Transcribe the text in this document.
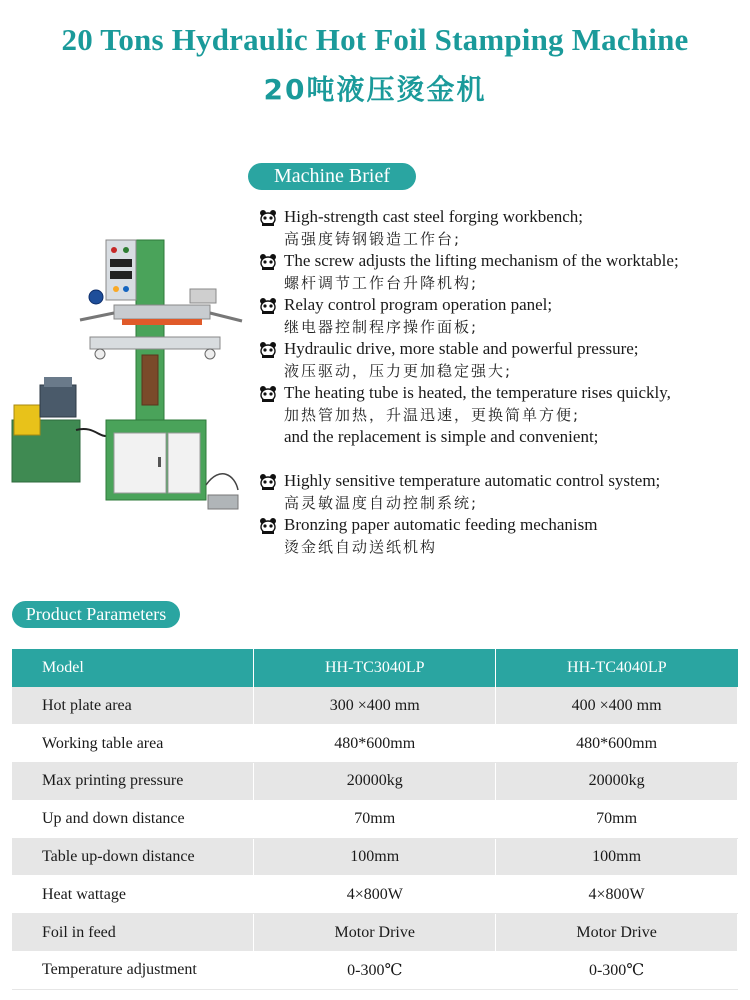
20 Tons Hydraulic Hot Foil Stamping Machine
20吨液压烫金机
Machine Brief
High-strength cast steel forging workbench;
高强度铸钢锻造工作台;
The screw adjusts the lifting mechanism of the worktable;
螺杆调节工作台升降机构;
Relay control program operation panel;
继电器控制程序操作面板;
Hydraulic drive, more stable and powerful pressure;
液压驱动，压力更加稳定强大;
The heating tube is heated, the temperature rises quickly,
加热管加热，升温迅速，更换简单方便;
and the replacement is simple and convenient;
Highly sensitive temperature automatic control system;
高灵敏温度自动控制系统;
Bronzing paper automatic feeding mechanism
烫金纸自动送纸机构
Product Parameters
Model	HH-TC3040LP	HH-TC4040LP
Hot plate area	300 ×400 mm	400 ×400 mm
Working table area	480*600mm	480*600mm
Max printing pressure	20000kg	20000kg
Up and down distance	70mm	70mm
Table up-down distance	100mm	100mm
Heat wattage	4×800W	4×800W
Foil in feed	Motor Drive	Motor Drive
Temperature adjustment	0-300℃	0-300℃
